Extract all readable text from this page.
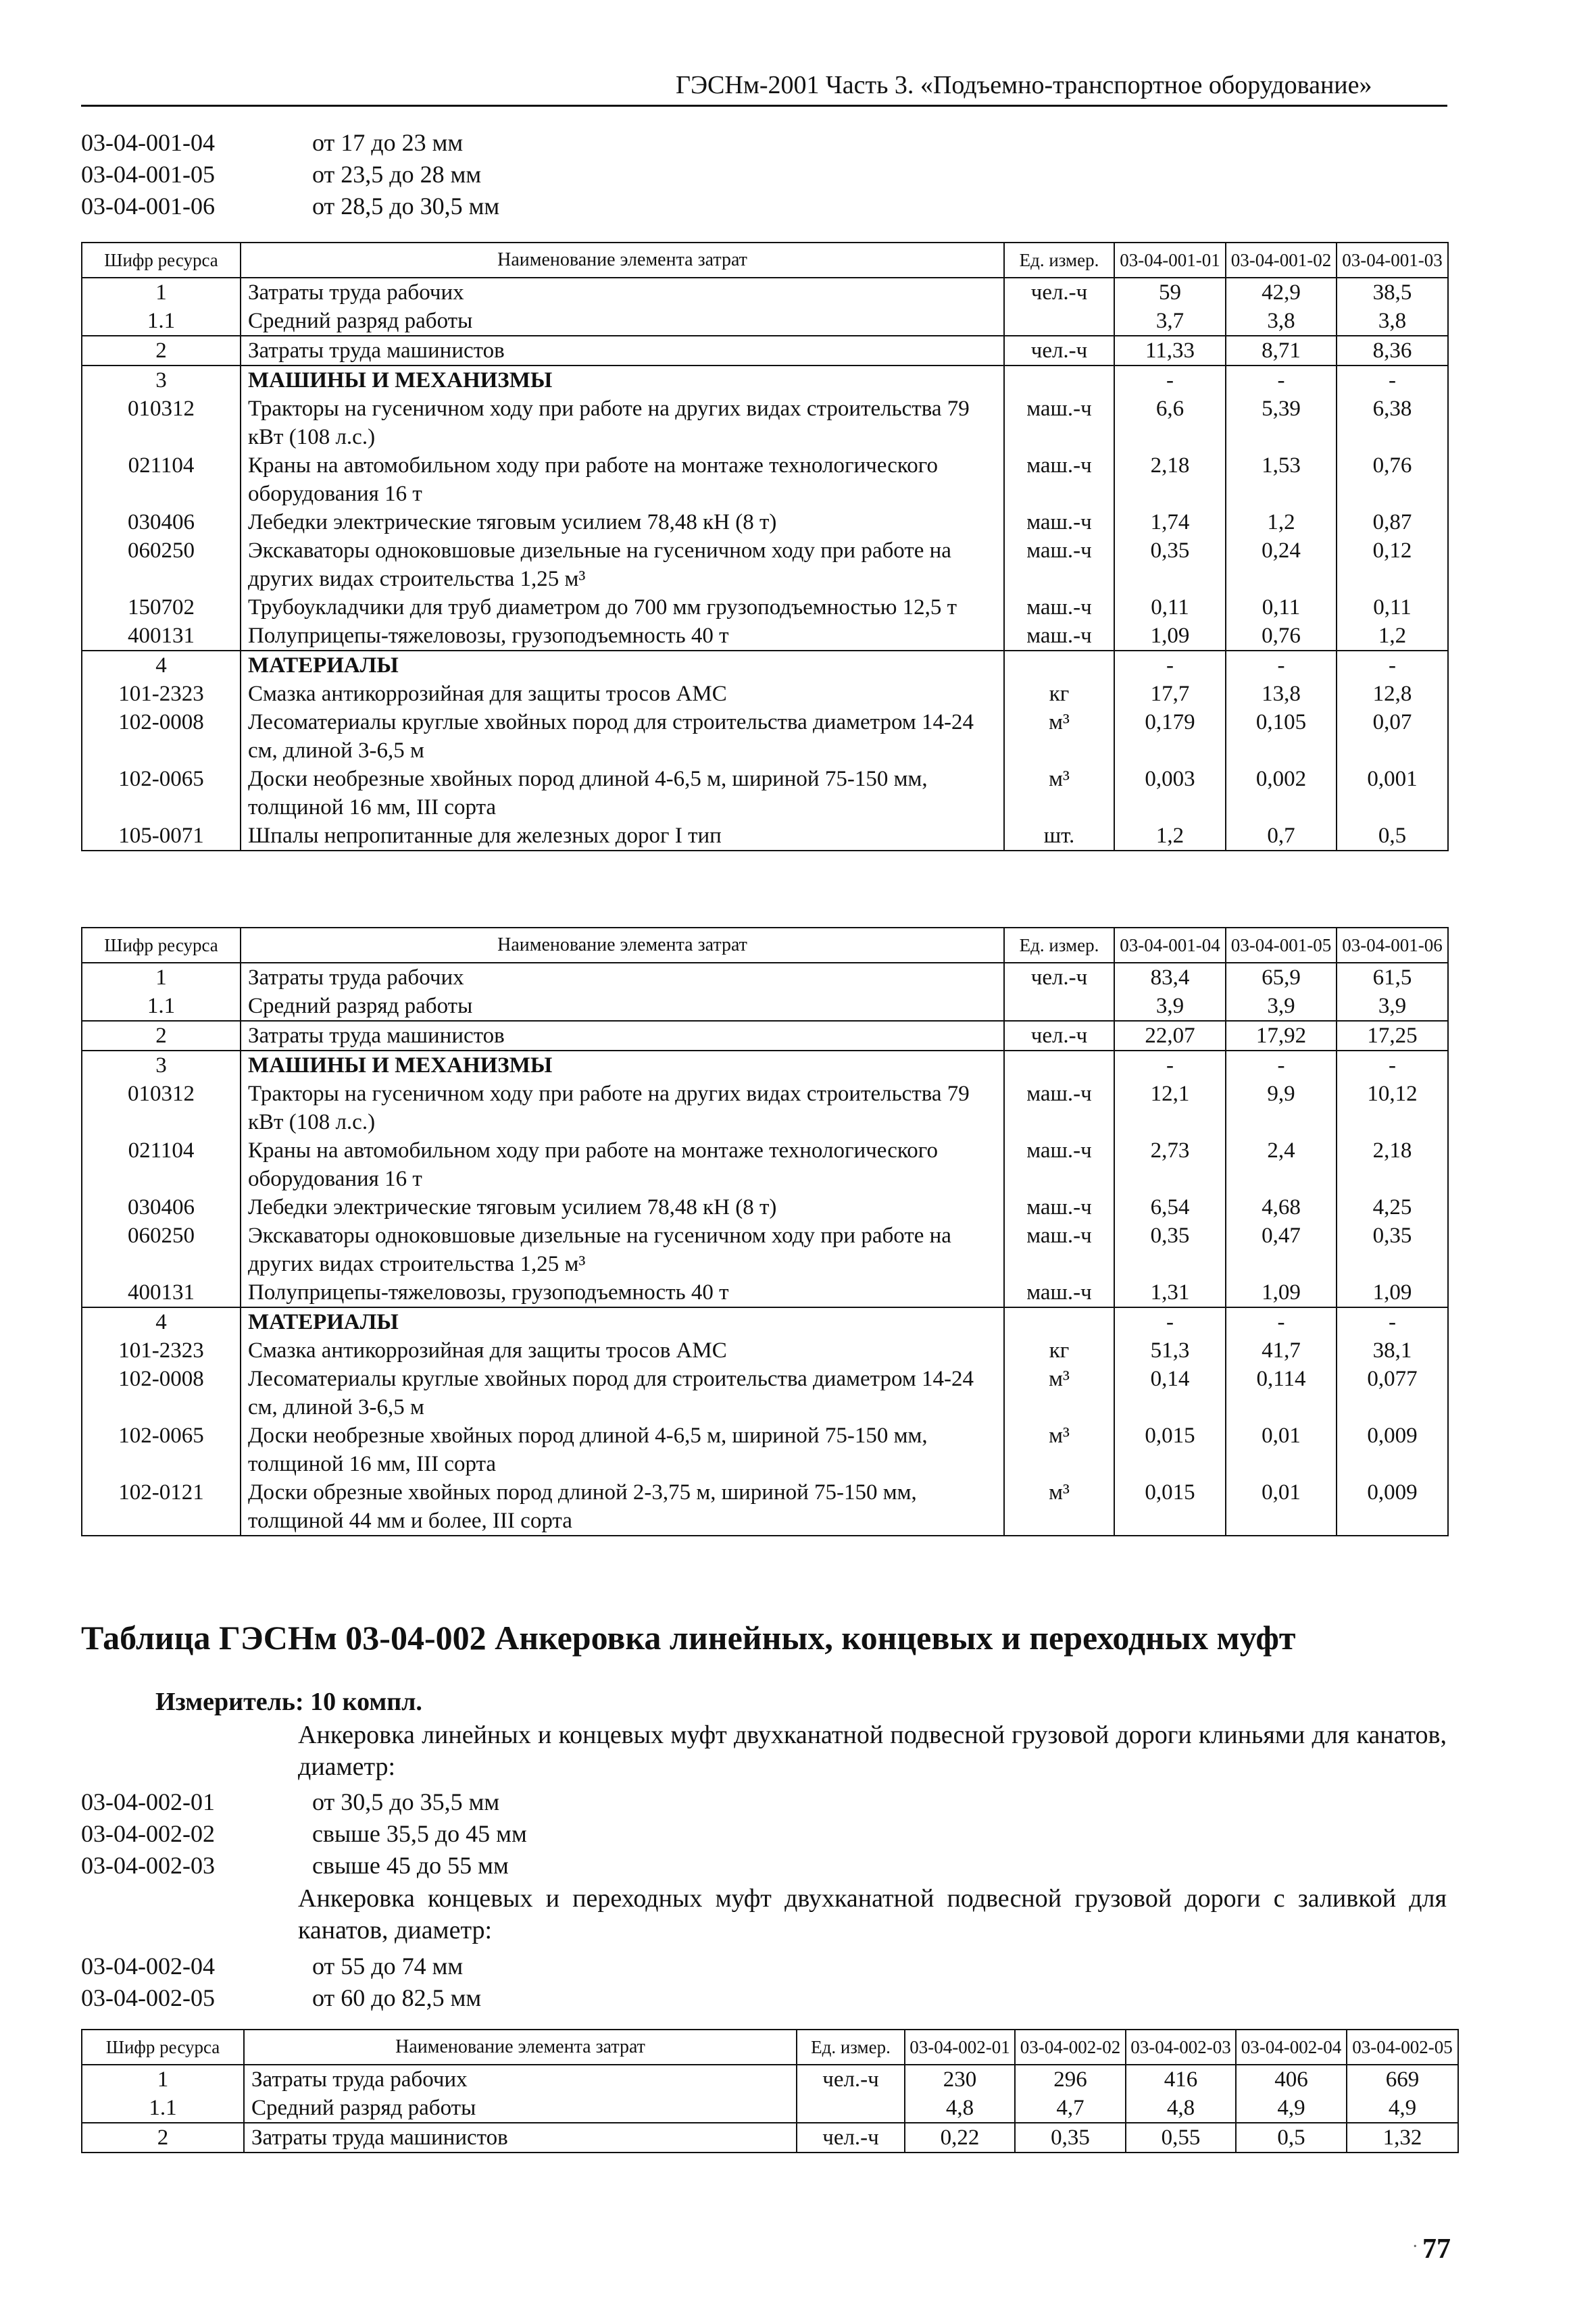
ГЭСНм-2001 Часть 3. «Подъемно-транспортное оборудование»
03-04-001-04	от 17 до 23 мм
03-04-001-05	от 23,5 до 28 мм
03-04-001-06	от 28,5 до 30,5 мм
Шифр ресурса	Наименование элемента затрат	Ед. измер.	03-04-001-01	03-04-001-02	03-04-001-03
1	Затраты труда рабочих	чел.-ч	59	42,9	38,5
1.1	Средний разряд работы		3,7	3,8	3,8
2	Затраты труда машинистов	чел.-ч	11,33	8,71	8,36
3	МАШИНЫ И МЕХАНИЗМЫ		-	-	-
010312	Тракторы на гусеничном ходу при работе на других видах строительства 79 кВт (108 л.с.)	маш.-ч	6,6	5,39	6,38
021104	Краны на автомобильном ходу при работе на монтаже технологического оборудования 16 т	маш.-ч	2,18	1,53	0,76
030406	Лебедки электрические тяговым усилием 78,48 кН (8 т)	маш.-ч	1,74	1,2	0,87
060250	Экскаваторы одноковшовые дизельные на гусеничном ходу при работе на других видах строительства 1,25 м³	маш.-ч	0,35	0,24	0,12
150702	Трубоукладчики для труб диаметром до 700 мм грузоподъемностью 12,5 т	маш.-ч	0,11	0,11	0,11
400131	Полуприцепы-тяжеловозы, грузоподъемность 40 т	маш.-ч	1,09	0,76	1,2
4	МАТЕРИАЛЫ		-	-	-
101-2323	Смазка антикоррозийная для защиты тросов АМС	кг	17,7	13,8	12,8
102-0008	Лесоматериалы круглые хвойных пород для строительства диаметром 14-24 см, длиной 3-6,5 м	м³	0,179	0,105	0,07
102-0065	Доски необрезные хвойных пород длиной 4-6,5 м, шириной 75-150 мм, толщиной 16 мм, III сорта	м³	0,003	0,002	0,001
105-0071	Шпалы непропитанные для железных дорог I тип	шт.	1,2	0,7	0,5
Шифр ресурса	Наименование элемента затрат	Ед. измер.	03-04-001-04	03-04-001-05	03-04-001-06
1	Затраты труда рабочих	чел.-ч	83,4	65,9	61,5
1.1	Средний разряд работы		3,9	3,9	3,9
2	Затраты труда машинистов	чел.-ч	22,07	17,92	17,25
3	МАШИНЫ И МЕХАНИЗМЫ		-	-	-
010312	Тракторы на гусеничном ходу при работе на других видах строительства 79 кВт (108 л.с.)	маш.-ч	12,1	9,9	10,12
021104	Краны на автомобильном ходу при работе на монтаже технологического оборудования 16 т	маш.-ч	2,73	2,4	2,18
030406	Лебедки электрические тяговым усилием 78,48 кН (8 т)	маш.-ч	6,54	4,68	4,25
060250	Экскаваторы одноковшовые дизельные на гусеничном ходу при работе на других видах строительства 1,25 м³	маш.-ч	0,35	0,47	0,35
400131	Полуприцепы-тяжеловозы, грузоподъемность 40 т	маш.-ч	1,31	1,09	1,09
4	МАТЕРИАЛЫ		-	-	-
101-2323	Смазка антикоррозийная для защиты тросов АМС	кг	51,3	41,7	38,1
102-0008	Лесоматериалы круглые хвойных пород для строительства диаметром 14-24 см, длиной 3-6,5 м	м³	0,14	0,114	0,077
102-0065	Доски необрезные хвойных пород длиной 4-6,5 м, шириной 75-150 мм, толщиной 16 мм, III сорта	м³	0,015	0,01	0,009
102-0121	Доски обрезные хвойных пород длиной 2-3,75 м, шириной 75-150 мм, толщиной 44 мм и более, III сорта	м³	0,015	0,01	0,009
Таблица ГЭСНм 03-04-002 Анкеровка линейных, концевых и переходных муфт
Измеритель: 10 компл.
Анкеровка линейных и концевых муфт двухканатной подвесной грузовой дороги клиньями для канатов, диаметр:
03-04-002-01	от 30,5 до 35,5 мм
03-04-002-02	свыше 35,5 до 45 мм
03-04-002-03	свыше 45 до 55 мм
Анкеровка концевых и переходных муфт двухканатной подвесной грузовой дороги с заливкой для канатов, диаметр:
03-04-002-04	от 55 до 74 мм
03-04-002-05	от 60 до 82,5 мм
Шифр ресурса	Наименование элемента затрат	Ед. измер.	03-04-002-01	03-04-002-02	03-04-002-03	03-04-002-04	03-04-002-05
1	Затраты труда рабочих	чел.-ч	230	296	416	406	669
1.1	Средний разряд работы		4,8	4,7	4,8	4,9	4,9
2	Затраты труда машинистов	чел.-ч	0,22	0,35	0,55	0,5	1,32
· 77
